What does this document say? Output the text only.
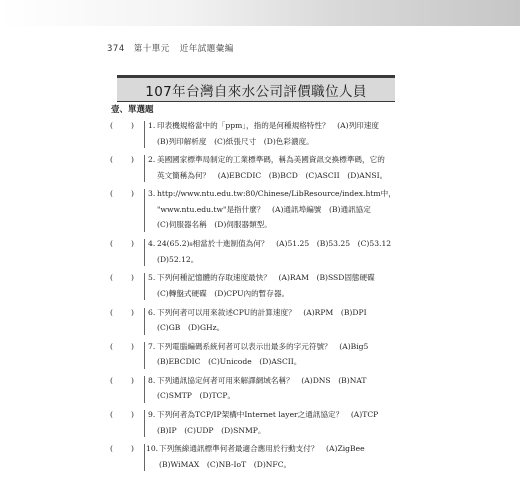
374 第十單元 近年試題彙編
107年台灣自來水公司評價職位人員
壹、單選題
( ) 1. 印表機規格當中的「ppm」，指的是何種規格特性？　(A)列印速度
(B)列印解析度　(C)紙張尺寸　(D)色彩濃度。
( ) 2. 美國國家標準局制定的工業標準碼，稱為美國資訊交換標準碼，它的
英文簡稱為何？　(A)EBCDIC　(B)BCD　(C)ASCII　(D)ANSI。
( ) 3. http://www.ntu.edu.tw:80/Chinese/LibResource/index.htm中，
"www.ntu.edu.tw"是指什麼？　(A)通訊埠編號　(B)通訊協定
(C)伺服器名稱　(D)伺服器類型。
( ) 4. 24(65.2)₈相當於十進制值為何？　(A)51.25　(B)53.25　(C)53.12
(D)52.12。
( ) 5. 下列何種記憶體的存取速度最快？　(A)RAM　(B)SSD固態硬碟
(C)轉盤式硬碟　(D)CPU內的暫存器。
( ) 6. 下列何者可以用來敘述CPU的計算速度？　(A)RPM　(B)DPI
(C)GB　(D)GHz。
( ) 7. 下列電腦編碼系統何者可以表示出最多的字元符號？　(A)Big5
(B)EBCDIC　(C)Unicode　(D)ASCII。
( ) 8. 下列通訊協定何者可用來解譯網域名稱？　(A)DNS　(B)NAT
(C)SMTP　(D)TCP。
( ) 9. 下列何者為TCP/IP架構中Internet layer之通訊協定？　(A)TCP
(B)IP　(C)UDP　(D)SNMP。
( ) 10. 下列無線通訊標準何者最適合應用於行動支付？　(A)ZigBee
(B)WiMAX　(C)NB-IoT　(D)NFC。
